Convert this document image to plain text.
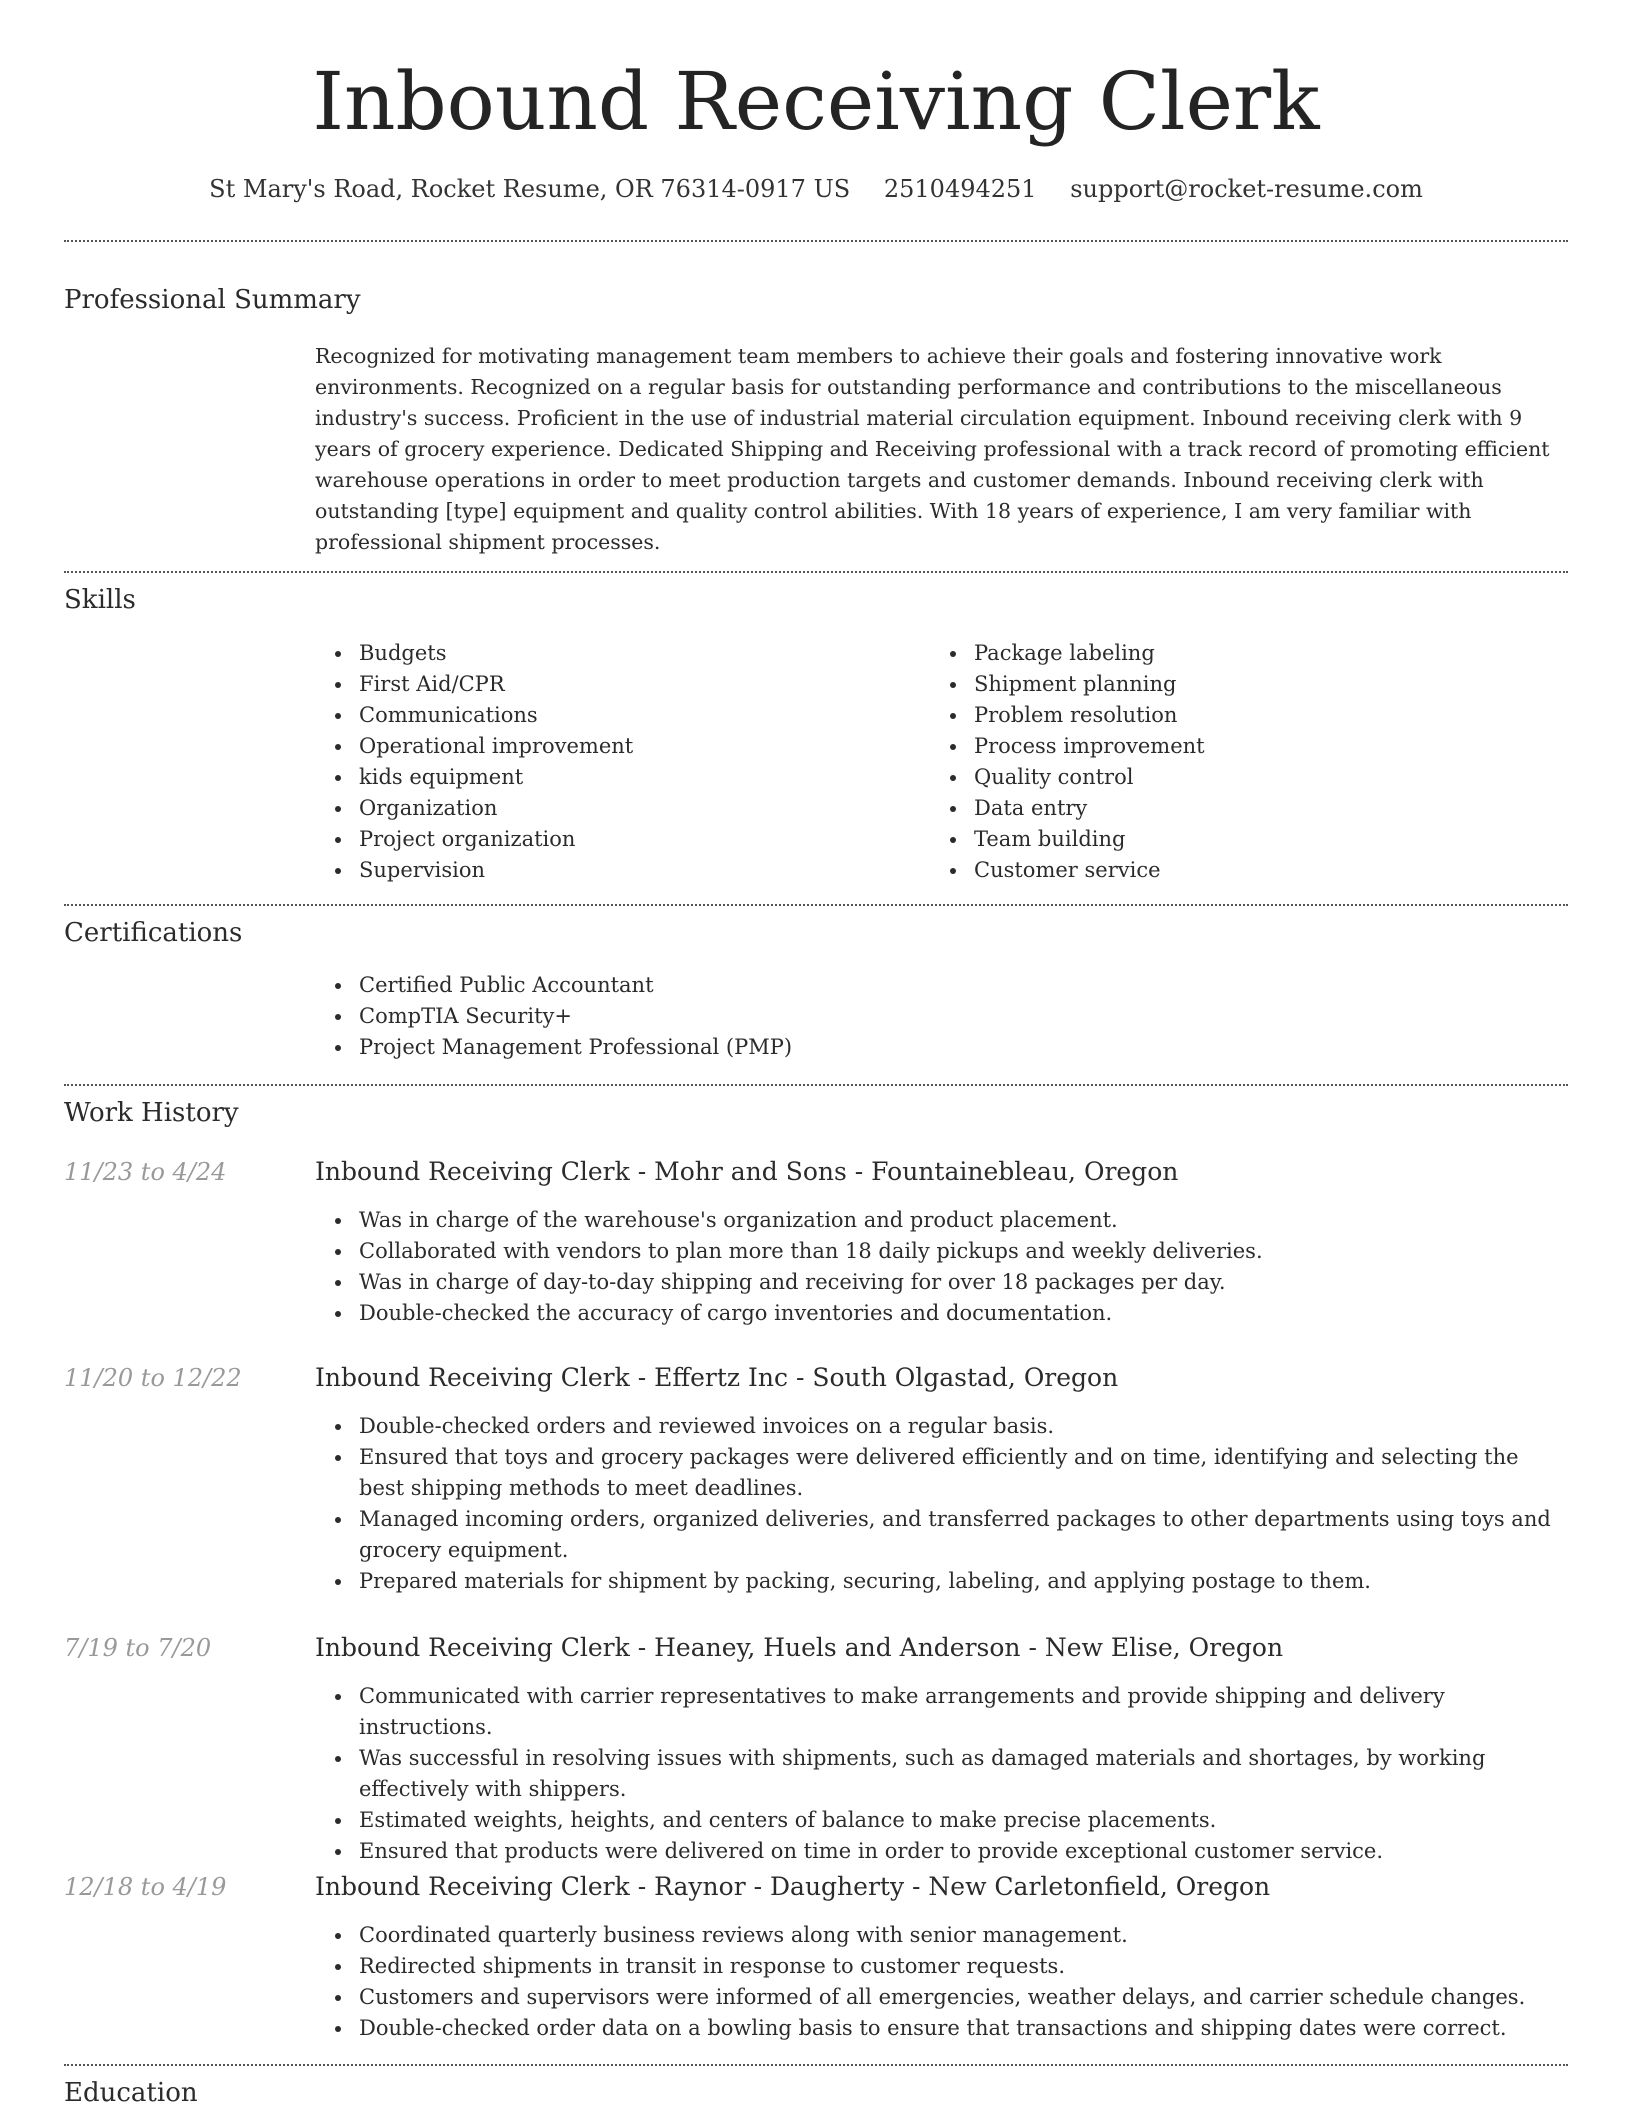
Inbound Receiving Clerk
St Mary's Road, Rocket Resume, OR 76314-0917 US 2510494251 support@rocket-resume.com
Professional Summary

Recognized for motivating management team members to achieve their goals and fostering innovative work environments. Recognized on a regular basis for outstanding performance and contributions to the miscellaneous industry's success. Proficient in the use of industrial material circulation equipment. Inbound receiving clerk with 9 years of grocery experience. Dedicated Shipping and Receiving professional with a track record of promoting efficient warehouse operations in order to meet production targets and customer demands. Inbound receiving clerk with outstanding [type] equipment and quality control abilities. With 18 years of experience, I am very familiar with professional shipment processes.

Skills
Budgets
First Aid/CPR
Communications
Operational improvement
kids equipment
Organization
Project organization
Supervision
Package labeling
Shipment planning
Problem resolution
Process improvement
Quality control
Data entry
Team building
Customer service
Certifications
Certified Public Accountant
CompTIA Security+
Project Management Professional (PMP)
Work History
11/23 to 4/24	Inbound Receiving Clerk - Mohr and Sons - Fountainebleau, Oregon
Was in charge of the warehouse's organization and product placement.
Collaborated with vendors to plan more than 18 daily pickups and weekly deliveries.
Was in charge of day-to-day shipping and receiving for over 18 packages per day.
Double-checked the accuracy of cargo inventories and documentation.
11/20 to 12/22	Inbound Receiving Clerk - Effertz Inc - South Olgastad, Oregon
Double-checked orders and reviewed invoices on a regular basis.
Ensured that toys and grocery packages were delivered efficiently and on time, identifying and selecting the best shipping methods to meet deadlines.
Managed incoming orders, organized deliveries, and transferred packages to other departments using toys and grocery equipment.
Prepared materials for shipment by packing, securing, labeling, and applying postage to them.
7/19 to 7/20	Inbound Receiving Clerk - Heaney, Huels and Anderson - New Elise, Oregon
Communicated with carrier representatives to make arrangements and provide shipping and delivery instructions.
Was successful in resolving issues with shipments, such as damaged materials and shortages, by working effectively with shippers.
Estimated weights, heights, and centers of balance to make precise placements.
Ensured that products were delivered on time in order to provide exceptional customer service.
12/18 to 4/19	Inbound Receiving Clerk - Raynor - Daugherty - New Carletonfield, Oregon
Coordinated quarterly business reviews along with senior management.
Redirected shipments in transit in response to customer requests.
Customers and supervisors were informed of all emergencies, weather delays, and carrier schedule changes.
Double-checked order data on a bowling basis to ensure that transactions and shipping dates were correct.
Education
